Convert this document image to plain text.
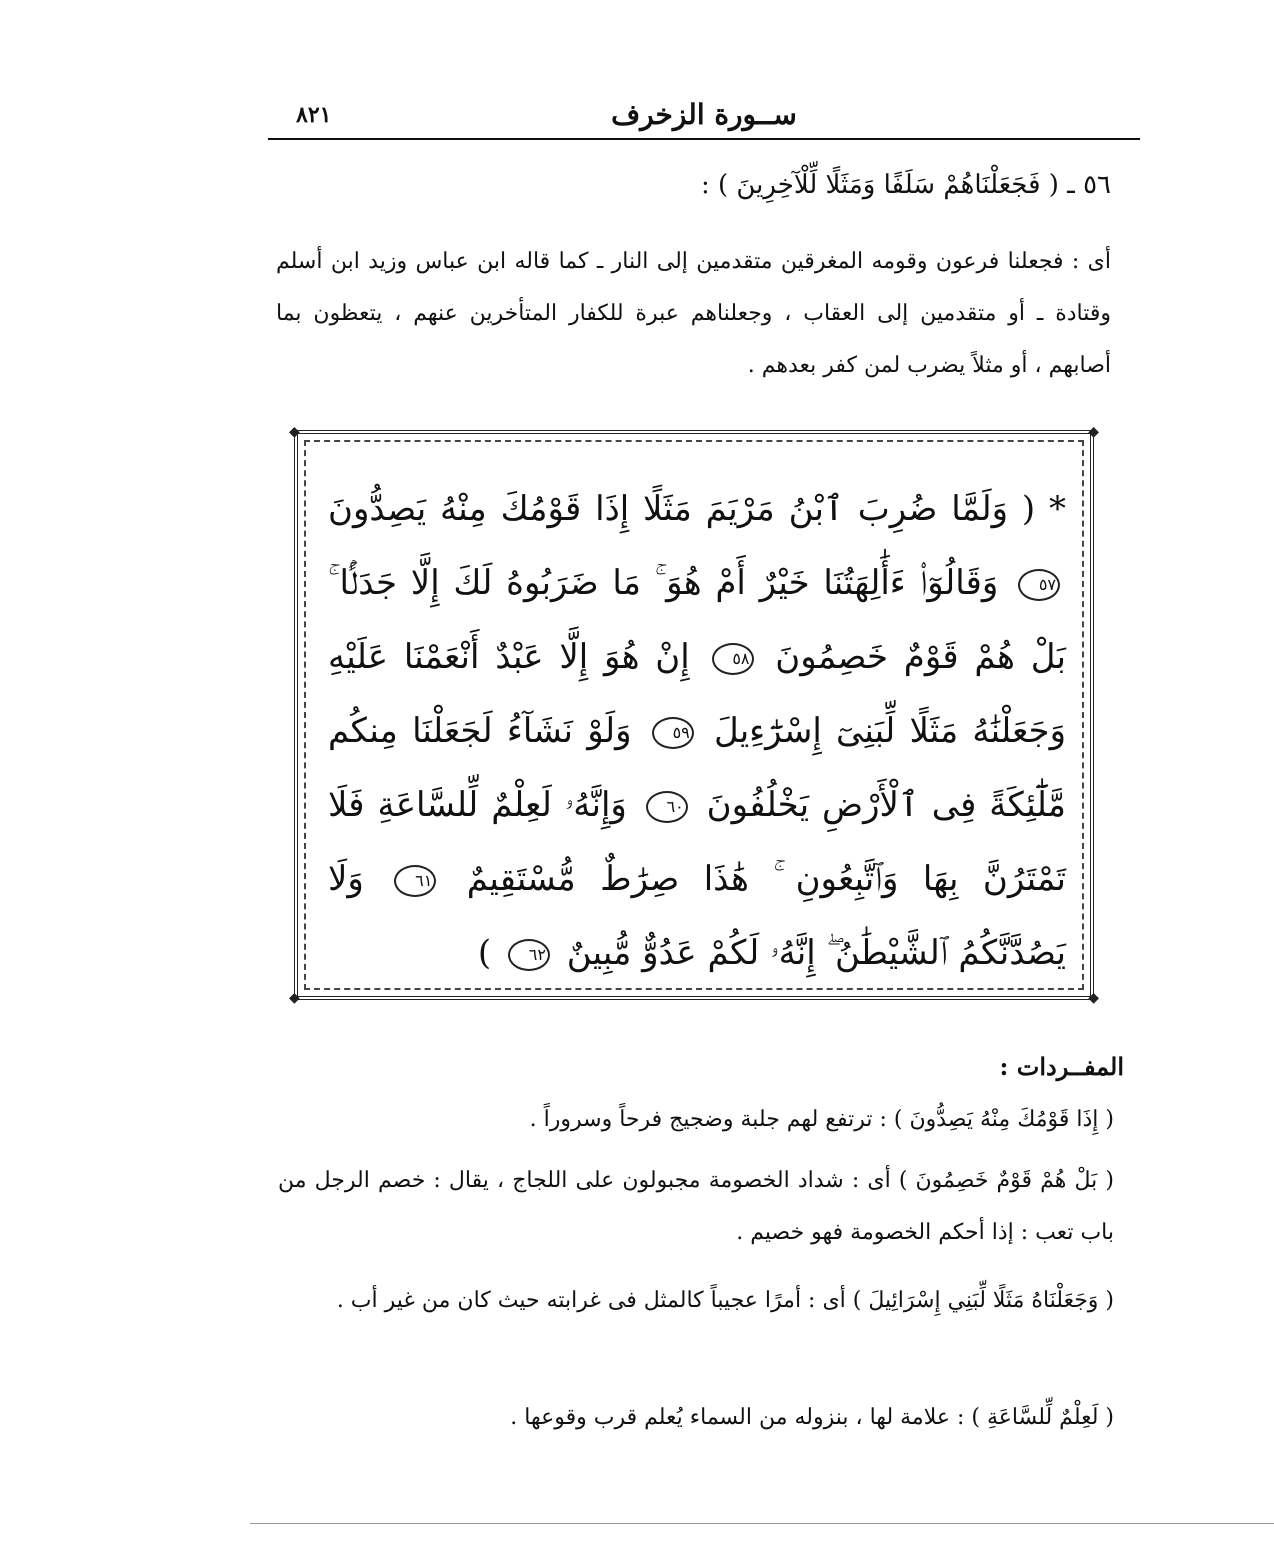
٨٢١	ســورة الزخرف
٥٦ ـ ( فَجَعَلْنَاهُمْ سَلَفًا وَمَثَلًا لِّلْآخِرِينَ ) :
أى : فجعلنا فرعون وقومه المغرقين متقدمين إلى النار ـ كما قاله ابن عباس وزيد ابن أسلم وقتادة ـ أو متقدمين إلى العقاب ، وجعلناهم عبرة للكفار المتأخرين عنهم ، يتعظون بما أصابهم ، أو مثلاً يضرب لمن كفر بعدهم .
◆	◆
◆	◆
* ( وَلَمَّا ضُرِبَ ٱبْنُ مَرْيَمَ مَثَلًا إِذَا قَوْمُكَ مِنْهُ يَصِدُّونَ ٥٧ وَقَالُوٓا۟ ءَأَٰلِهَتُنَا خَيْرٌ أَمْ هُوَ ۚ مَا ضَرَبُوهُ لَكَ إِلَّا جَدَلًۢا ۚ بَلْ هُمْ قَوْمٌ خَصِمُونَ ٥٨ إِنْ هُوَ إِلَّا عَبْدٌ أَنْعَمْنَا عَلَيْهِ وَجَعَلْنَٰهُ مَثَلًا لِّبَنِىٓ إِسْرَٰٓءِيلَ ٥٩ وَلَوْ نَشَآءُ لَجَعَلْنَا مِنكُم مَّلَٰٓئِكَةً فِى ٱلْأَرْضِ يَخْلُفُونَ ٦٠ وَإِنَّهُۥ لَعِلْمٌ لِّلسَّاعَةِ فَلَا تَمْتَرُنَّ بِهَا وَٱتَّبِعُونِ ۚ هَٰذَا صِرَٰطٌ مُّسْتَقِيمٌ ٦١ وَلَا يَصُدَّنَّكُمُ ٱلشَّيْطَٰنُ ۖ إِنَّهُۥ لَكُمْ عَدُوٌّ مُّبِينٌ ٦٢ )
المفــردات :
( إِذَا قَوْمُكَ مِنْهُ يَصِدُّونَ ) : ترتفع لهم جلبة وضجيج فرحاً وسروراً .
( بَلْ هُمْ قَوْمٌ خَصِمُونَ ) أى : شداد الخصومة مجبولون على اللجاج ، يقال : خصم الرجل من باب تعب : إذا أحكم الخصومة فهو خصيم .
( وَجَعَلْنَاهُ مَثَلًا لِّبَنِي إِسْرَائِيلَ ) أى : أمرًا عجيباً كالمثل فى غرابته حيث كان من غير أب .
( لَعِلْمٌ لِّلسَّاعَةِ ) : علامة لها ، بنزوله من السماء يُعلم قرب وقوعها .
